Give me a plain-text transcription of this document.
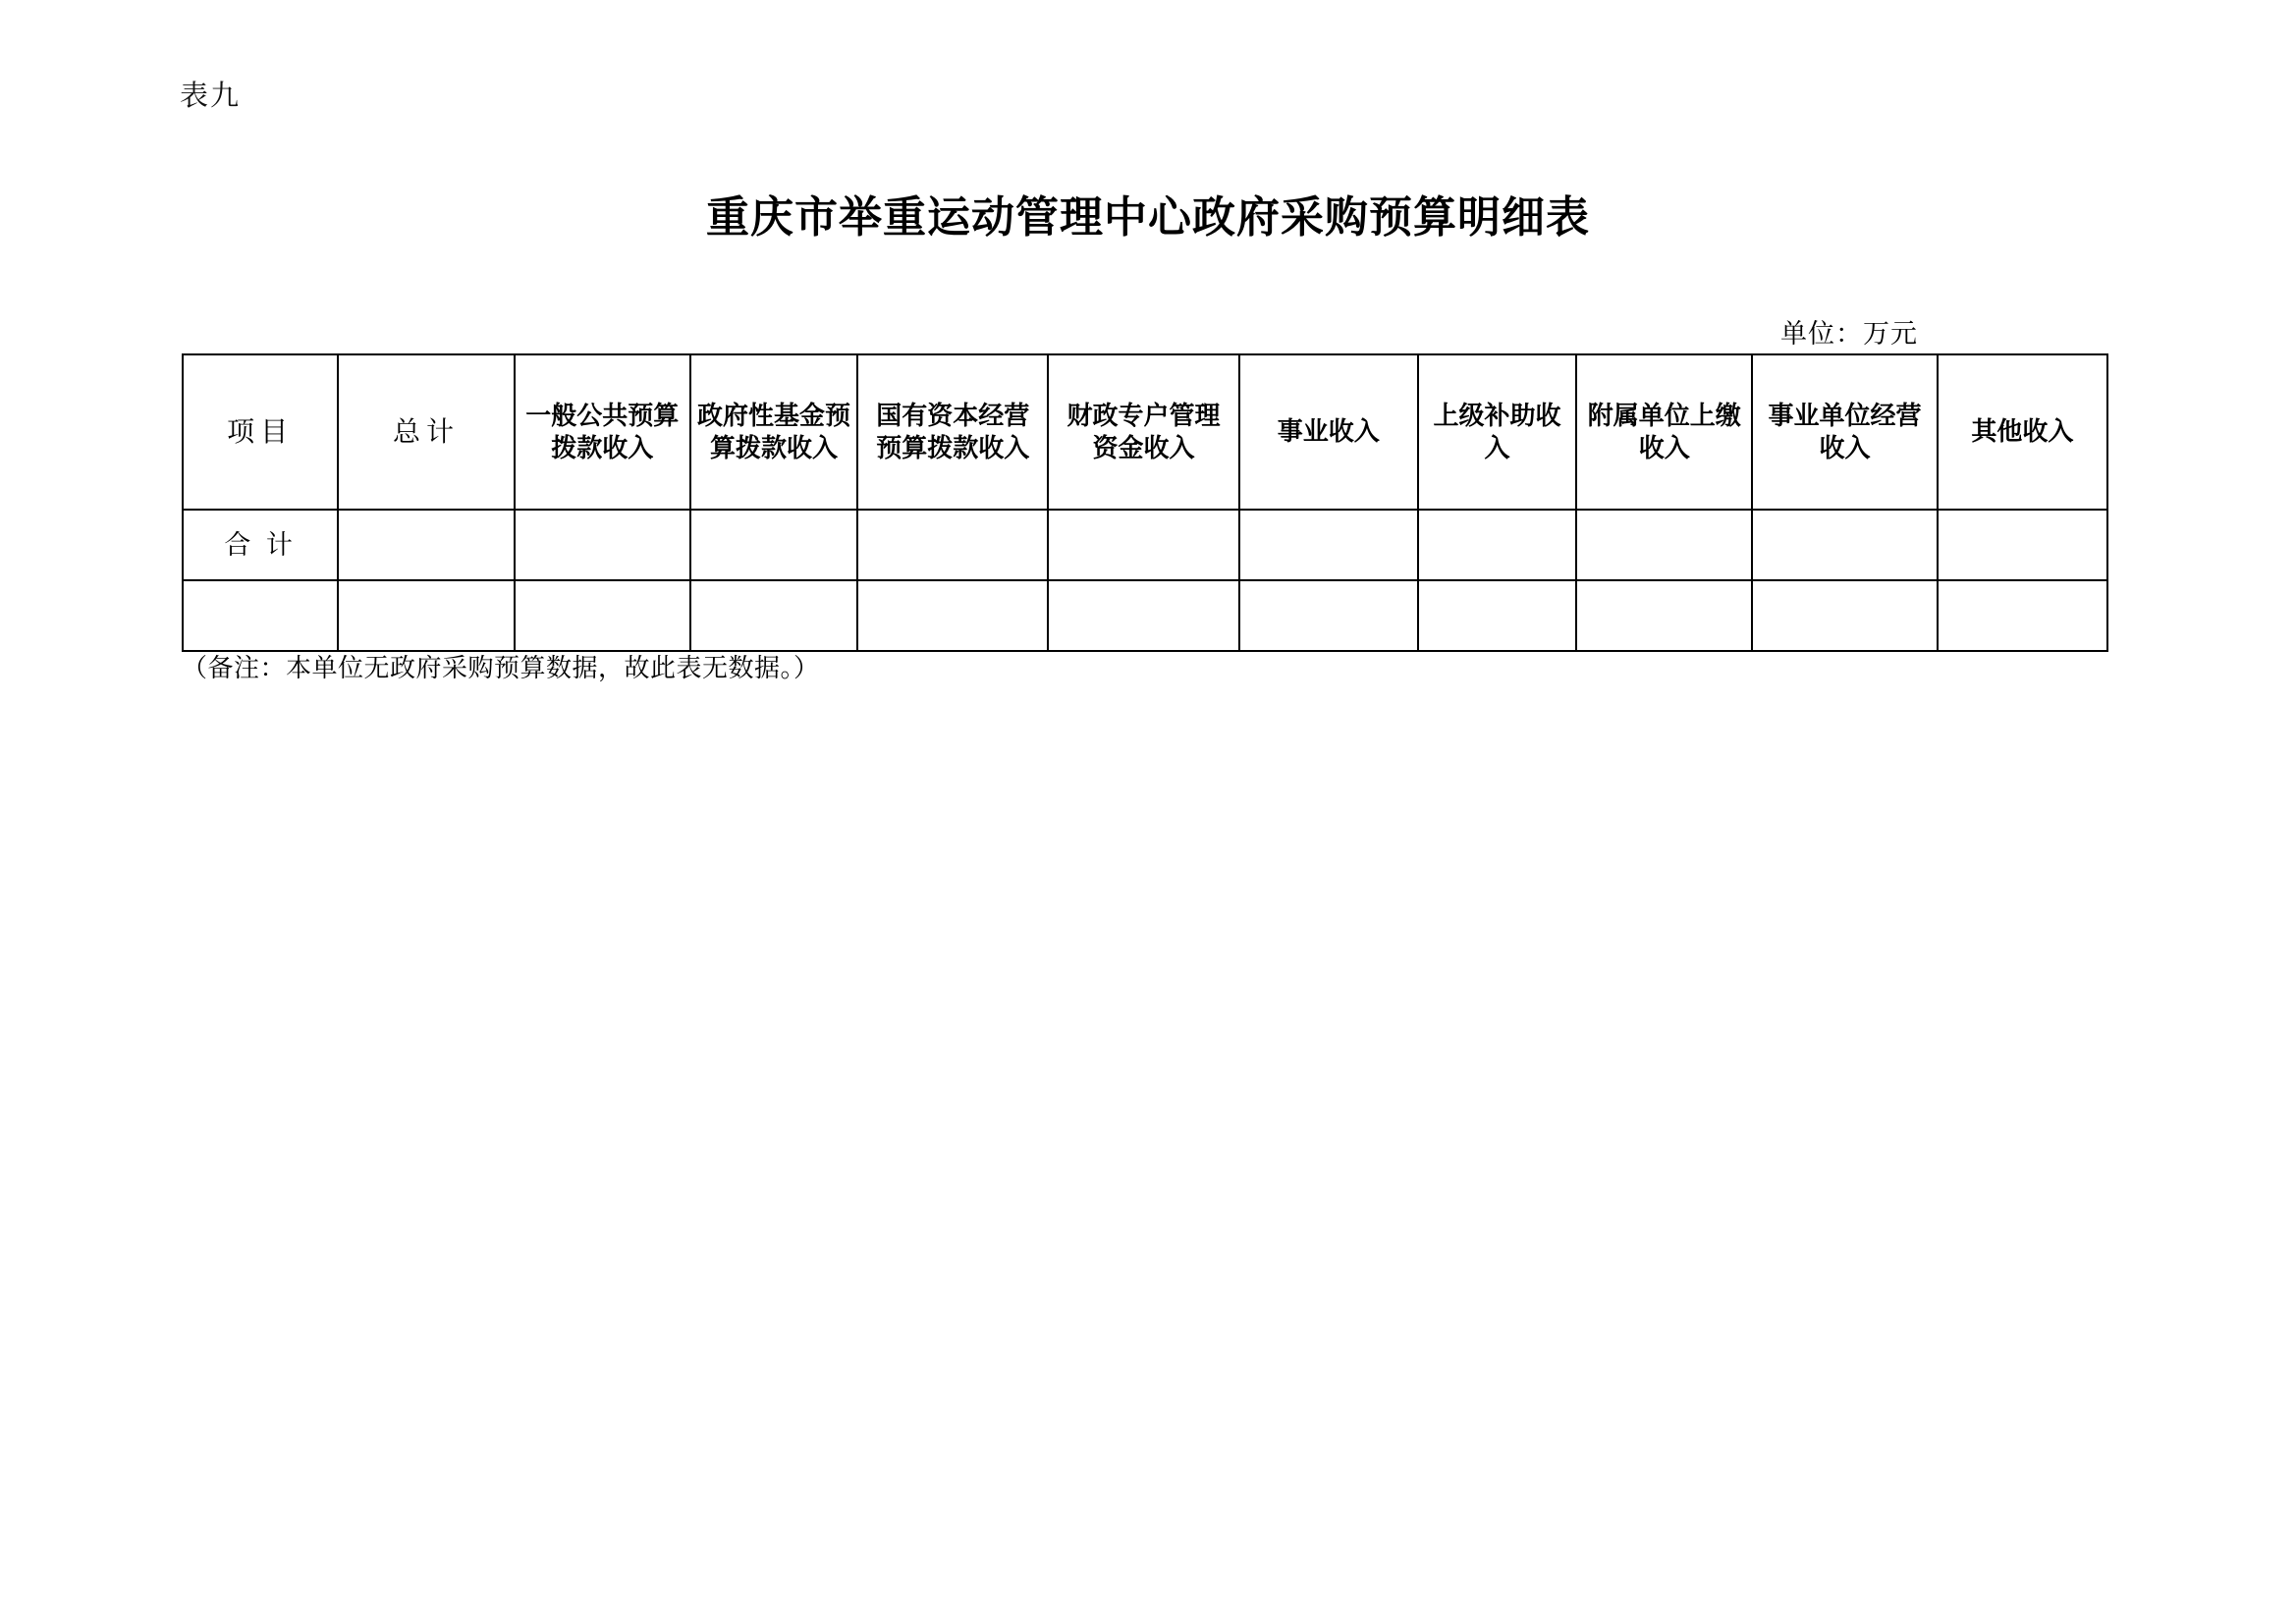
表九
重庆市举重运动管理中心政府采购预算明细表
单位：万元
项目	总计	一般公共预算拨款收入	政府性基金预算拨款收入	国有资本经营预算拨款收入	财政专户管理资金收入	事业收入	上级补助收入	附属单位上缴收入	事业单位经营收入	其他收入
合 计										

（备注：本单位无政府采购预算数据，故此表无数据。）
